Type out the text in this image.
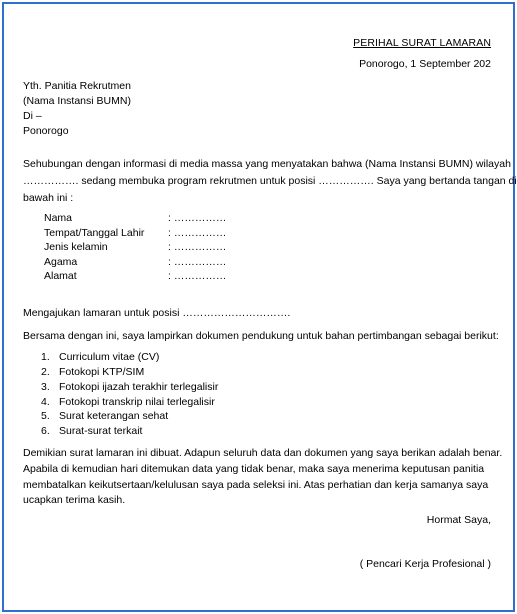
PERIHAL SURAT LAMARAN
Ponorogo, 1 September 202
Yth. Panitia Rekrutmen
(Nama Instansi BUMN)
Di –
Ponorogo
Sehubungan dengan informasi di media massa yang menyatakan bahwa (Nama Instansi BUMN) wilayah
……………. sedang membuka program rekrutmen untuk posisi ……………. Saya yang bertanda tangan di
bawah ini :
Nama	: ……………
Tempat/Tanggal Lahir : ……………
Jenis kelamin	: ……………
Agama	: ……………
Alamat	: ……………
Mengajukan lamaran untuk posisi ………………………….
Bersama dengan ini, saya lampirkan dokumen pendukung untuk bahan pertimbangan sebagai berikut:
1. Curriculum vitae (CV)
2. Fotokopi KTP/SIM
3. Fotokopi ijazah terakhir terlegalisir
4. Fotokopi transkrip nilai terlegalisir
5. Surat keterangan sehat
6. Surat-surat terkait
Demikian surat lamaran ini dibuat. Adapun seluruh data dan dokumen yang saya berikan adalah benar.
Apabila di kemudian hari ditemukan data yang tidak benar, maka saya menerima keputusan panitia
membatalkan keikutsertaan/kelulusan saya pada seleksi ini. Atas perhatian dan kerja samanya saya
ucapkan terima kasih.
Hormat Saya,
( Pencari Kerja Profesional )
